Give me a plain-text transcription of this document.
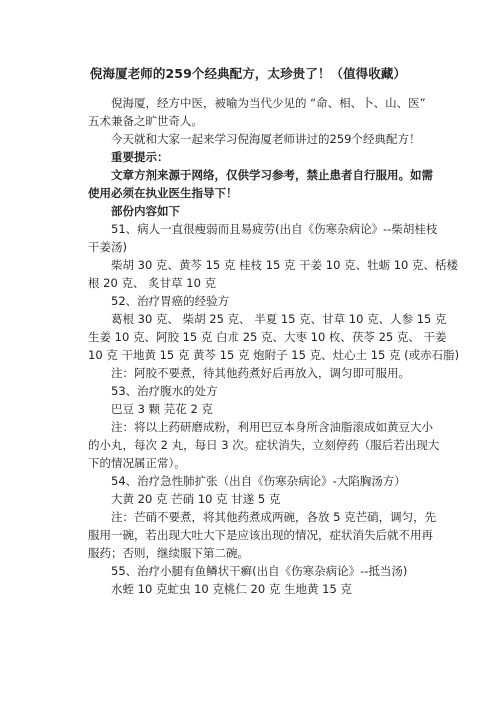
倪海厦老师的259个经典配方，太珍贵了！（值得收藏）
倪海厦，经方中医，被喻为当代少见的 “命、相、卜、山、医”
五术兼备之旷世奇人。
今天就和大家一起来学习倪海厦老师讲过的259个经典配方！
重要提示：
文章方剂来源于网络，仅供学习参考，禁止患者自行服用。如需
使用必须在执业医生指导下！
部份内容如下
51、病人一直很瘦弱而且易疲劳(出自《伤寒杂病论》--柴胡桂枝
干姜汤)
柴胡 30 克、黄芩 15 克 桂枝 15 克 干姜 10 克、牡蛎 10 克、栝楼
根 20 克、 炙甘草 10 克
52、治疗胃癌的经验方
葛根 30 克、 柴胡 25 克、 半夏 15 克、甘草 10 克、人参 15 克
生姜 10 克、阿胶 15 克 白朮 25 克、大枣 10 枚、茯苓 25 克、 干姜
10 克 干地黄 15 克 黄芩 15 克 炮附子 15 克、灶心土 15 克 (或赤石脂)
注：阿胶不要煮，待其他药煮好后再放入，调匀即可服用。
53、治疗腹水的处方
巴豆 3 颗 芫花 2 克
注：将以上药研磨成粉，利用巴豆本身所含油脂滚成如黄豆大小
的小丸，每次 2 丸，每日 3 次。症状消失，立刻停药（服后若出现大
下的情况属正常）。
54、治疗急性肺扩张（出自《伤寒杂病论》-大陷胸汤方）
大黄 20 克 芒硝 10 克 甘遂 5 克
注：芒硝不要煮，将其他药煮成两碗，各放 5 克芒硝，调匀，先
服用一碗，若出现大吐大下是应该出现的情况，症状消失后就不用再
服药；否则，继续服下第二碗。
55、治疗小腿有鱼鳞状干癣(出自《伤寒杂病论》--抵当汤)
水蛭 10 克虻虫 10 克桃仁 20 克 生地黄 15 克
